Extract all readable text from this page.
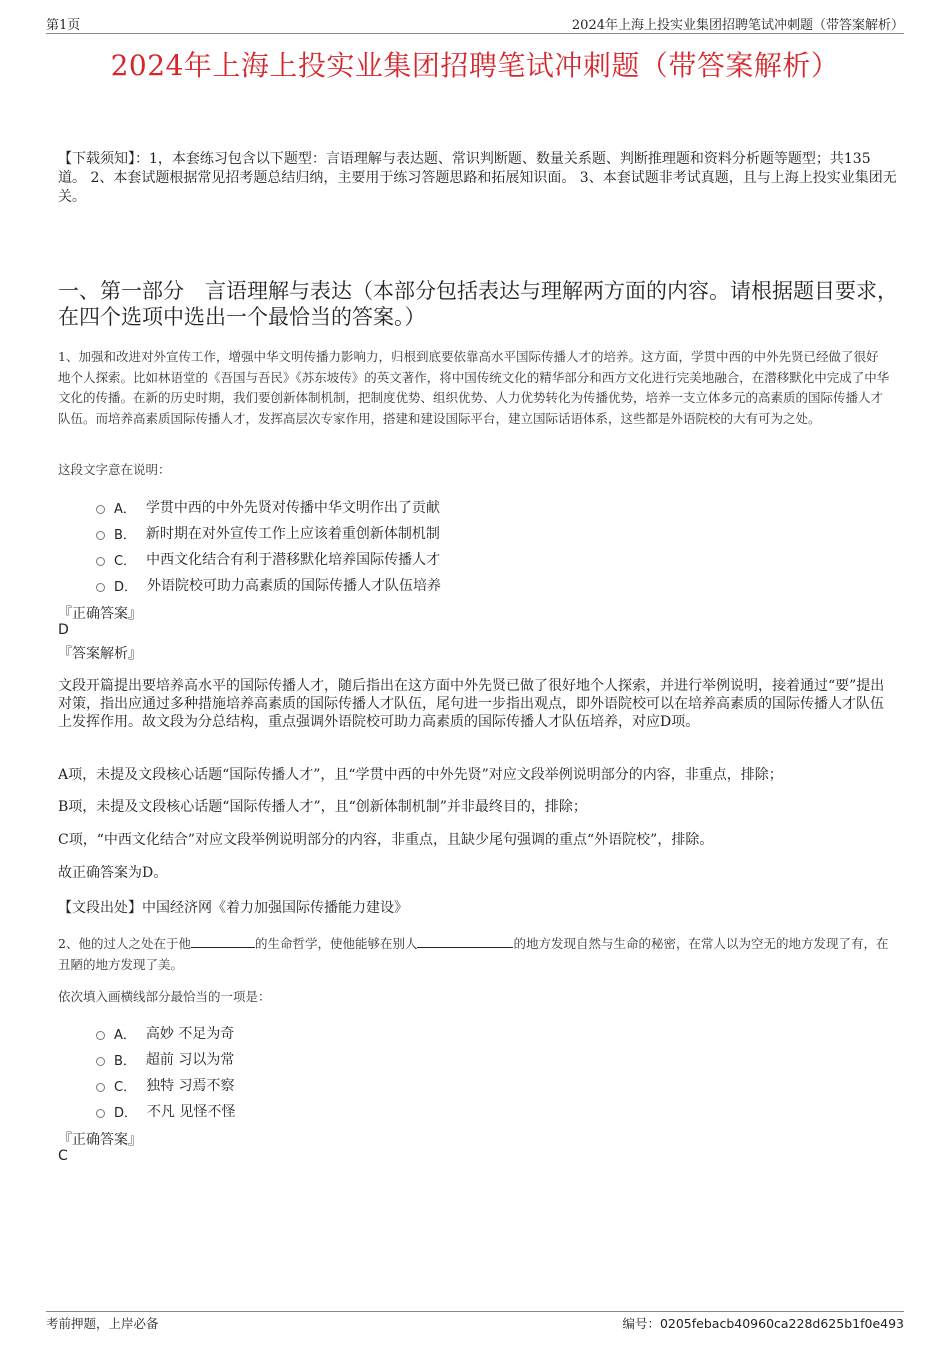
第1页	2024年上海上投实业集团招聘笔试冲刺题（带答案解析）
2024年上海上投实业集团招聘笔试冲刺题（带答案解析）
【下载须知】：1，本套练习包含以下题型：言语理解与表达题、常识判断题、数量关系题、判断推理题和资料分析题等题型；共135道。 2、本套试题根据常见招考题总结归纳，主要用于练习答题思路和拓展知识面。 3、本套试题非考试真题，且与上海上投实业集团无关。
一、第一部分　言语理解与表达（本部分包括表达与理解两方面的内容。请根据题目要求，在四个选项中选出一个最恰当的答案。）
1、加强和改进对外宣传工作，增强中华文明传播力影响力，归根到底要依靠高水平国际传播人才的培养。这方面，学贯中西的中外先贤已经做了很好地个人探索。比如林语堂的《吾国与吾民》《苏东坡传》的英文著作，将中国传统文化的精华部分和西方文化进行完美地融合，在潜移默化中完成了中华文化的传播。在新的历史时期，我们要创新体制机制，把制度优势、组织优势、人力优势转化为传播优势，培养一支立体多元的高素质的国际传播人才队伍。而培养高素质国际传播人才，发挥高层次专家作用，搭建和建设国际平台，建立国际话语体系，这些都是外语院校的大有可为之处。
这段文字意在说明：
A． 学贯中西的中外先贤对传播中华文明作出了贡献
B． 新时期在对外宣传工作上应该着重创新体制机制
C． 中西文化结合有利于潜移默化培养国际传播人才
D． 外语院校可助力高素质的国际传播人才队伍培养
『正确答案』
D
『答案解析』
文段开篇提出要培养高水平的国际传播人才，随后指出在这方面中外先贤已做了很好地个人探索，并进行举例说明，接着通过“要”提出对策，指出应通过多种措施培养高素质的国际传播人才队伍，尾句进一步指出观点，即外语院校可以在培养高素质的国际传播人才队伍上发挥作用。故文段为分总结构，重点强调外语院校可助力高素质的国际传播人才队伍培养，对应D项。
A项，未提及文段核心话题“国际传播人才”，且“学贯中西的中外先贤”对应文段举例说明部分的内容，非重点，排除；
B项，未提及文段核心话题“国际传播人才”，且“创新体制机制”并非最终目的，排除；
C项，“中西文化结合”对应文段举例说明部分的内容，非重点，且缺少尾句强调的重点“外语院校”，排除。
故正确答案为D。
【文段出处】中国经济网《着力加强国际传播能力建设》
2、他的过人之处在于他	的生命哲学，使他能够在别人	的地方发现自然与生命的秘密，在常人以为空无的地方发现了有，在丑陋的地方发现了美。
依次填入画横线部分最恰当的一项是：
A． 高妙 不足为奇
B． 超前 习以为常
C． 独特 习焉不察
D． 不凡 见怪不怪
『正确答案』
C
考前押题，上岸必备	编号：0205febacb40960ca228d625b1f0e493
